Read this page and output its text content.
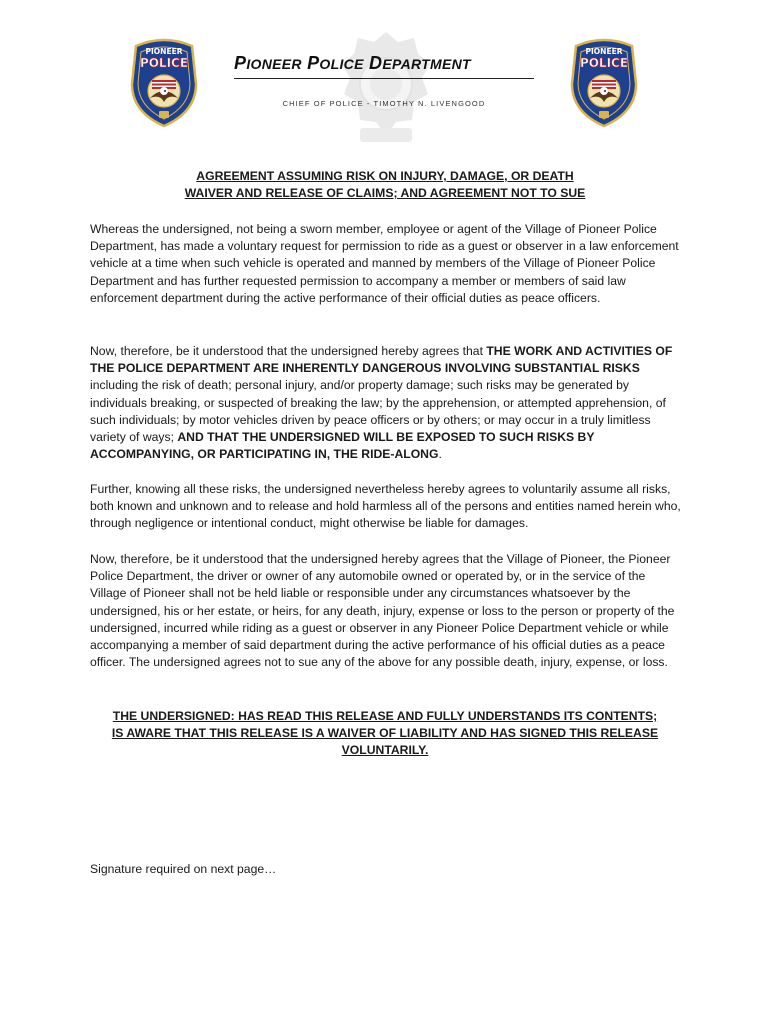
PIONEER
POLICE	PIONEER POLICE DEPARTMENT
CHIEF OF POLICE - TIMOTHY N. LIVENGOOD
PIONEER
POLICE
AGREEMENT ASSUMING RISK ON INJURY, DAMAGE, OR DEATH
WAIVER AND RELEASE OF CLAIMS; AND AGREEMENT NOT TO SUE

Whereas the undersigned, not being a sworn member, employee or agent of the Village of Pioneer Police Department, has made a voluntary request for permission to ride as a guest or observer in a law enforcement vehicle at a time when such vehicle is operated and manned by members of the Village of Pioneer Police Department and has further requested permission to accompany a member or members of said law enforcement department during the active performance of their official duties as peace officers.

Now, therefore, be it understood that the undersigned hereby agrees that THE WORK AND ACTIVITIES OF THE POLICE DEPARTMENT ARE INHERENTLY DANGEROUS INVOLVING SUBSTANTIAL RISKS including the risk of death; personal injury, and/or property damage; such risks may be generated by individuals breaking, or suspected of breaking the law; by the apprehension, or attempted apprehension, of such individuals; by motor vehicles driven by peace officers or by others; or may occur in a truly limitless variety of ways; AND THAT THE UNDERSIGNED WILL BE EXPOSED TO SUCH RISKS BY ACCOMPANYING, OR PARTICIPATING IN, THE RIDE-ALONG.

Further, knowing all these risks, the undersigned nevertheless hereby agrees to voluntarily assume all risks, both known and unknown and to release and hold harmless all of the persons and entities named herein who, through negligence or intentional conduct, might otherwise be liable for damages.

Now, therefore, be it understood that the undersigned hereby agrees that the Village of Pioneer, the Pioneer Police Department, the driver or owner of any automobile owned or operated by, or in the service of the Village of Pioneer shall not be held liable or responsible under any circumstances whatsoever by the undersigned, his or her estate, or heirs, for any death, injury, expense or loss to the person or property of the undersigned, incurred while riding as a guest or observer in any Pioneer Police Department vehicle or while accompanying a member of said department during the active performance of his official duties as a peace officer. The undersigned agrees not to sue any of the above for any possible death, injury, expense, or loss.

THE UNDERSIGNED: HAS READ THIS RELEASE AND FULLY UNDERSTANDS ITS CONTENTS; IS AWARE THAT THIS RELEASE IS A WAIVER OF LIABILITY AND HAS SIGNED THIS RELEASE VOLUNTARILY.
Signature required on next page…
